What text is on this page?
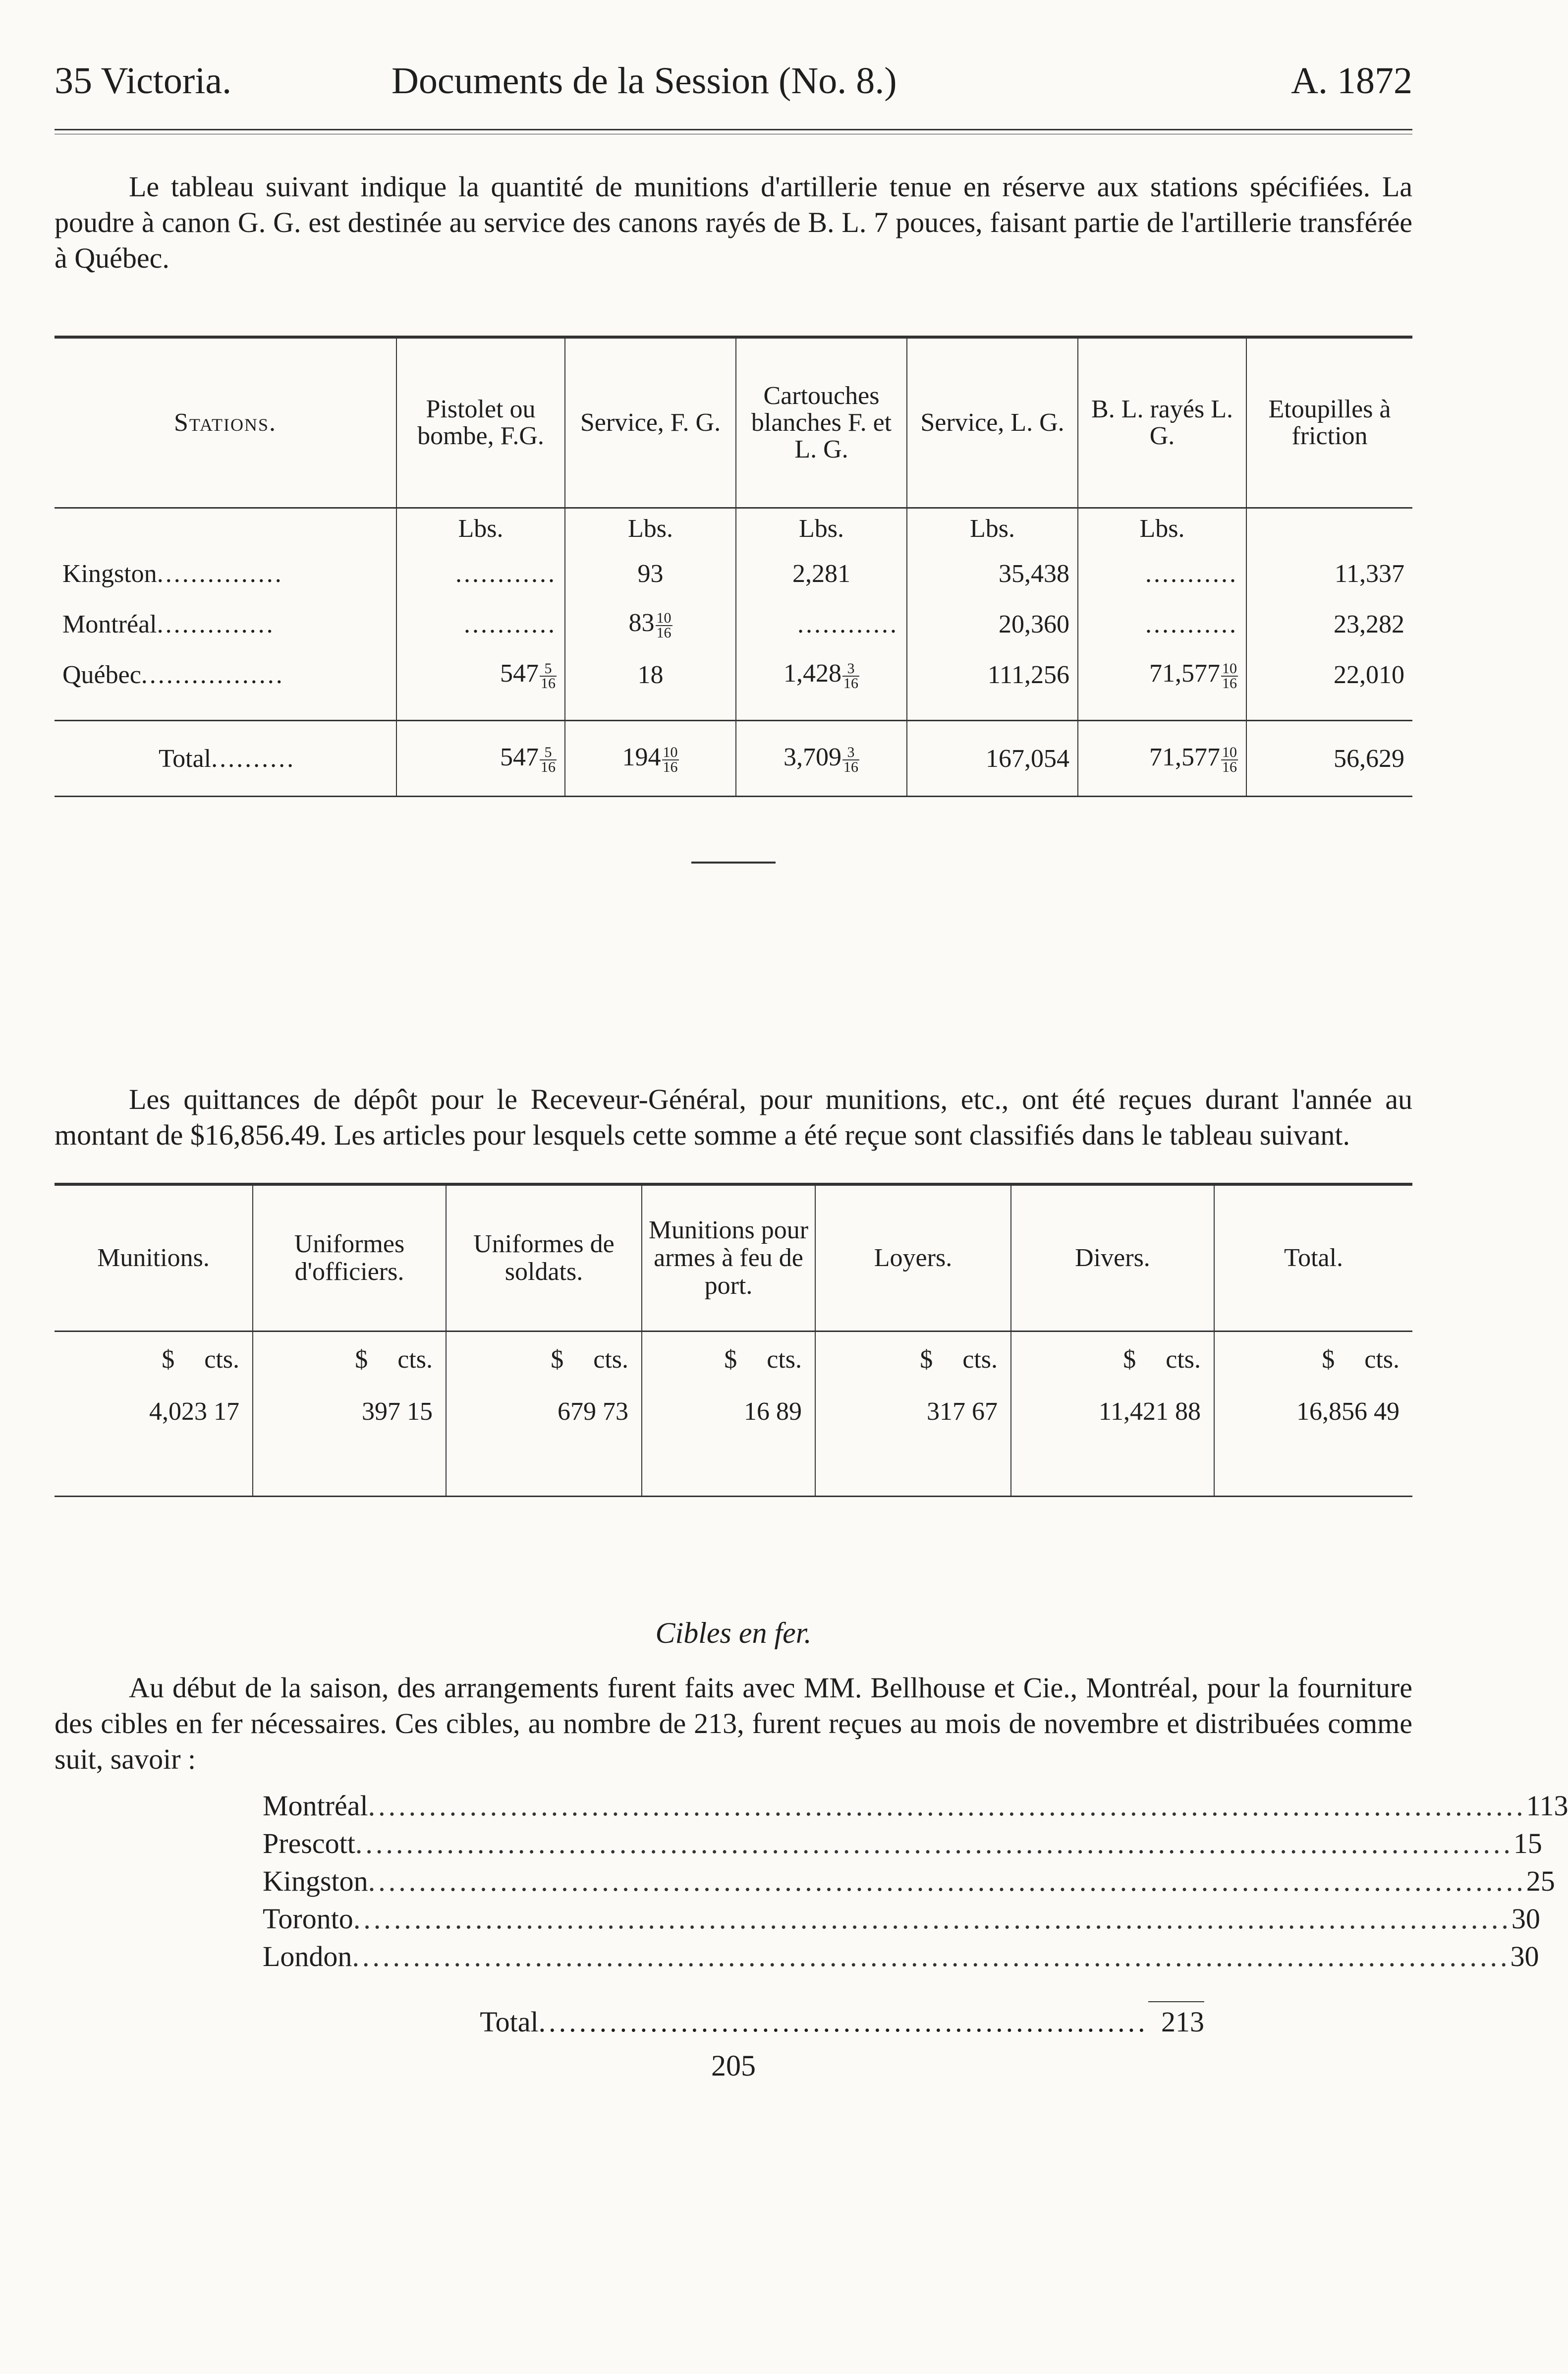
35 Victoria.	Documents de la Session (No. 8.)	A. 1872

Le tableau suivant indique la quantité de munitions d'artillerie tenue en réserve aux stations spécifiées. La poudre à canon G. G. est destinée au service des canons rayés de B. L. 7 pouces, faisant partie de l'artillerie transférée à Québec.

Stations.	Pistolet ou bombe, F.G.	Service, F. G.	Cartouches blanches F. et L. G.	Service, L. G.	B. L. rayés L. G.	Etoupilles à friction
	Lbs.	Lbs.	Lbs.	Lbs.	Lbs.	
Kingston...............	............	93	2,281	35,438	...........	11,337
Montréal..............	...........	$83 \frac{10}{16}$	............	20,360	...........	23,282
Québec.................	$547 \frac{5}{16}$	18	$1,428 \frac{3}{16}$	111,256	$71,577 \frac{10}{16}$	22,010

Total..........	$547 \frac{5}{16}$	$194 \frac{10}{16}$	$3,709 \frac{3}{16}$	167,054	$71,577 \frac{10}{16}$	56,629

Les quittances de dépôt pour le Receveur-Général, pour munitions, etc., ont été reçues durant l'année au montant de $16,856.49. Les articles pour lesquels cette somme a été reçue sont classifiés dans le tableau suivant.

Munitions.	Uniformes d'officiers.	Uniformes de soldats.	Munitions pour armes à feu de port.	Loyers.	Divers.	Total.
$ cts.	$ cts.	$ cts.	$ cts.	$ cts.	$ cts.	$ cts.
4,023 17	397 15	679 73	16 89	317 67	11,421 88	16,856 49

Cibles en fer.

Au début de la saison, des arrangements furent faits avec MM. Bellhouse et Cie., Montréal, pour la fourniture des cibles en fer nécessaires. Ces cibles, au nombre de 213, furent reçues au mois de novembre et distribuées comme suit, savoir :

Montréal .................................................................................................................. 113
Prescott .................................................................................................................. 15
Kingston .................................................................................................................. 25
Toronto .................................................................................................................. 30
London .................................................................................................................. 30
Total ............................................................ 213
205
